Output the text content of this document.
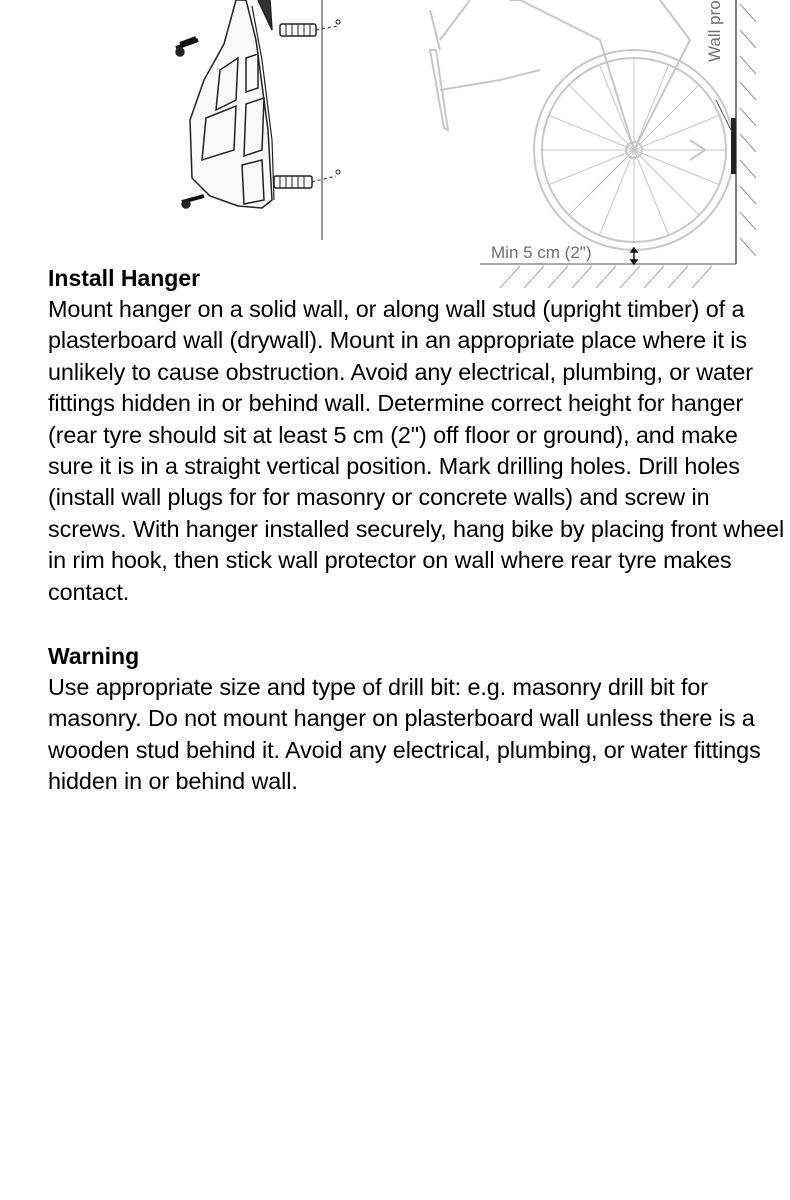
Min 5 cm (2")
Wall pro
Install Hanger

Mount hanger on a solid wall, or along wall stud (upright timber) of a plasterboard wall (drywall). Mount in an appropriate place where it is unlikely to cause obstruction. Avoid any electrical, plumbing, or water fittings hidden in or behind wall. Determine correct height for hanger (rear tyre should sit at least 5 cm (2") off floor or ground), and make sure it is in a straight vertical position. Mark drilling holes. Drill holes (install wall plugs for for masonry or concrete walls) and screw in screws. With hanger installed securely, hang bike by placing front wheel in rim hook, then stick wall protector on wall where rear tyre makes contact.

Warning

Use appropriate size and type of drill bit: e.g. masonry drill bit for masonry. Do not mount hanger on plasterboard wall unless there is a wooden stud behind it. Avoid any electrical, plumbing, or water fittings hidden in or behind wall.
